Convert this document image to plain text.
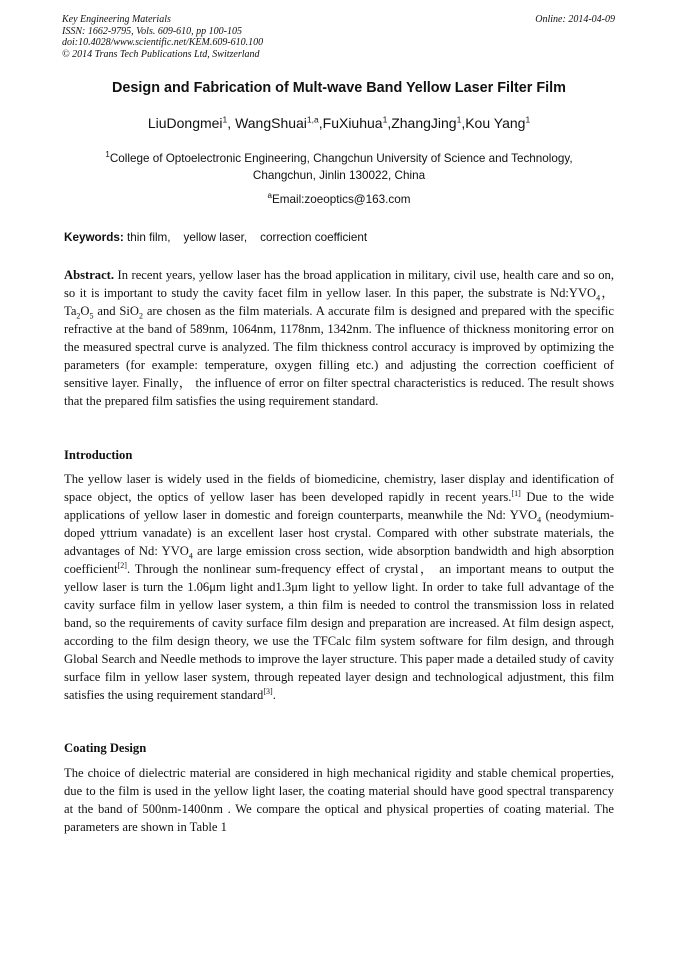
Key Engineering Materials	Online: 2014-04-09
ISSN: 1662-9795, Vols. 609-610, pp 100-105
doi:10.4028/www.scientific.net/KEM.609-610.100
© 2014 Trans Tech Publications Ltd, Switzerland
Design and Fabrication of Mult-wave Band Yellow Laser Filter Film
LiuDongmei$^1$, WangShuai$^{1,a}$,FuXiuhua$^1$,ZhangJing$^1$,Kou Yang$^1$
$^1$College of Optoelectronic Engineering, Changchun University of Science and Technology,
Changchun, Jinlin 130022, China
$^a$Email:zoeoptics@163.com
Keywords: thin film,    yellow laser,    correction coefficient
Abstract. In recent years, yellow laser has the broad application in military, civil use, health care and so on, so it is important to study the cavity facet film in yellow laser. In this paper, the substrate is $Nd:YVO_4$， $Ta_2O_5$ and SiO$_2$ are chosen as the film materials. A accurate film is designed and prepared with the specific refractive at the band of 589nm, 1064nm, 1178nm, 1342nm. The influence of thickness monitoring error on the measured spectral curve is analyzed. The film thickness control accuracy is improved by optimizing the parameters (for example: temperature, oxygen filling etc.) and adjusting the correction coefficient of sensitive layer. Finally， the influence of error on filter spectral characteristics is reduced. The result shows that the prepared film satisfies the using requirement standard.
Introduction
The yellow laser is widely used in the fields of biomedicine, chemistry, laser display and identification of space object, the optics of yellow laser has been developed rapidly in recent years.[1] Due to the wide applications of yellow laser in domestic and foreign counterparts, meanwhile the Nd: $YVO_4$ (neodymium-doped yttrium vanadate) is an excellent laser host crystal. Compared with other substrate materials, the advantages of Nd: $YVO_4$ are large emission cross section, wide absorption bandwidth and high absorption coefficient[2]. Through the nonlinear sum-frequency effect of crystal， an important means to output the yellow laser is turn the 1.06μm light and1.3μm light to yellow light. In order to take full advantage of the cavity surface film in yellow laser system, a thin film is needed to control the transmission loss in related band, so the requirements of cavity surface film design and preparation are increased. At film design aspect, according to the film design theory, we use the TFCalc film system software for film design, and through Global Search and Needle methods to improve the layer structure. This paper made a detailed study of cavity surface film in yellow laser system, through repeated layer design and technological adjustment, this film satisfies the using requirement standard[3].
Coating Design
The choice of dielectric material are considered in high mechanical rigidity and stable chemical properties, due to the film is used in the yellow light laser, the coating material should have good spectral transparency at the band of 500nm-1400nm . We compare the optical and physical properties of coating material. The parameters are shown in Table 1
